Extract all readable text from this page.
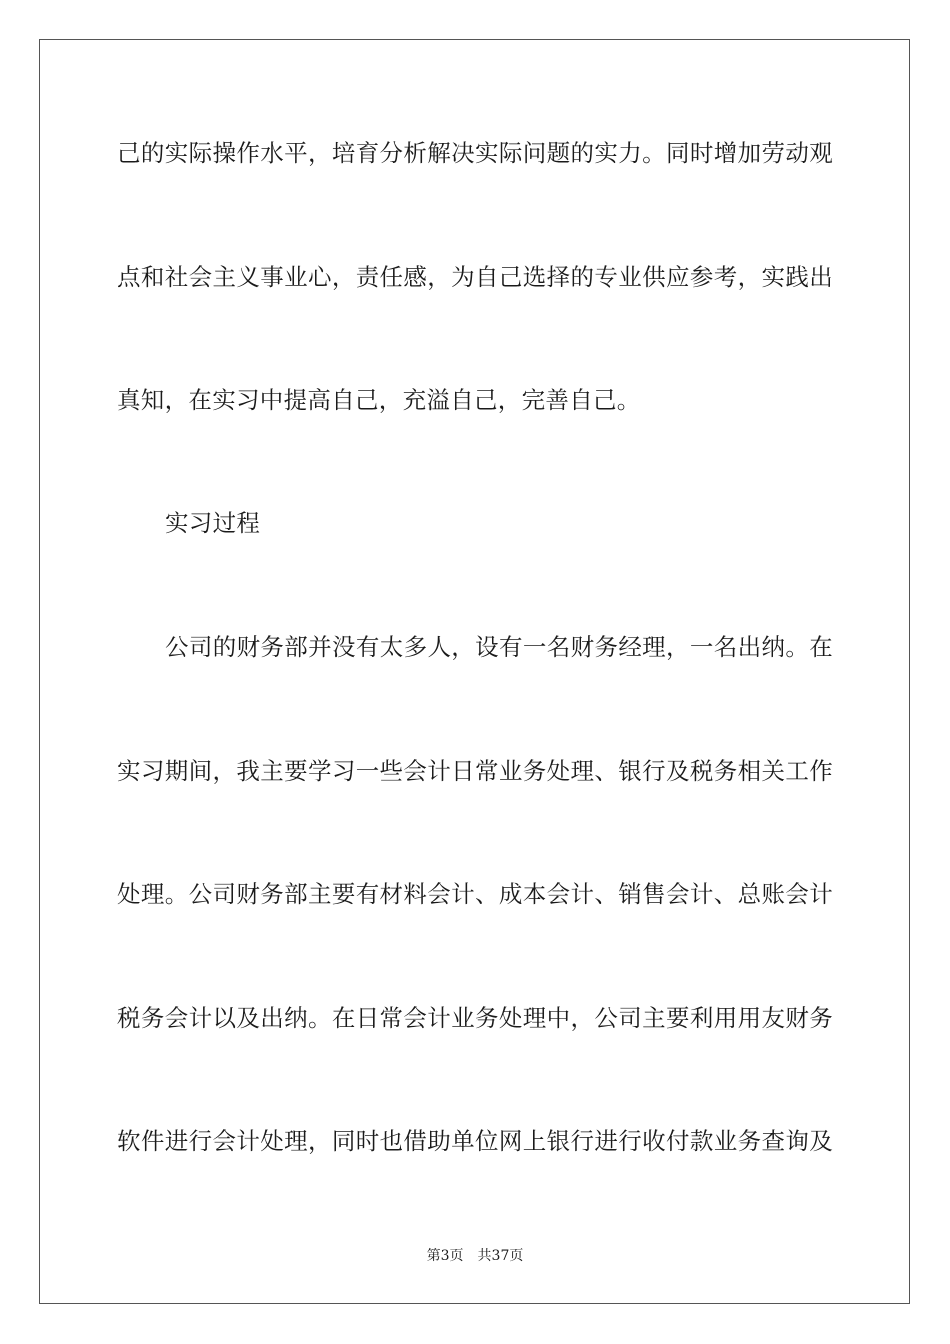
己的实际操作水平，培育分析解决实际问题的实力。同时增加劳动观
点和社会主义事业心，责任感，为自己选择的专业供应参考，实践出
真知，在实习中提高自己，充溢自己，完善自己。
实习过程
公司的财务部并没有太多人，设有一名财务经理，一名出纳。在
实习期间，我主要学习一些会计日常业务处理、银行及税务相关工作
处理。公司财务部主要有材料会计、成本会计、销售会计、总账会计
税务会计以及出纳。在日常会计业务处理中，公司主要利用用友财务
软件进行会计处理，同时也借助单位网上银行进行收付款业务查询及
第3页 共37页
